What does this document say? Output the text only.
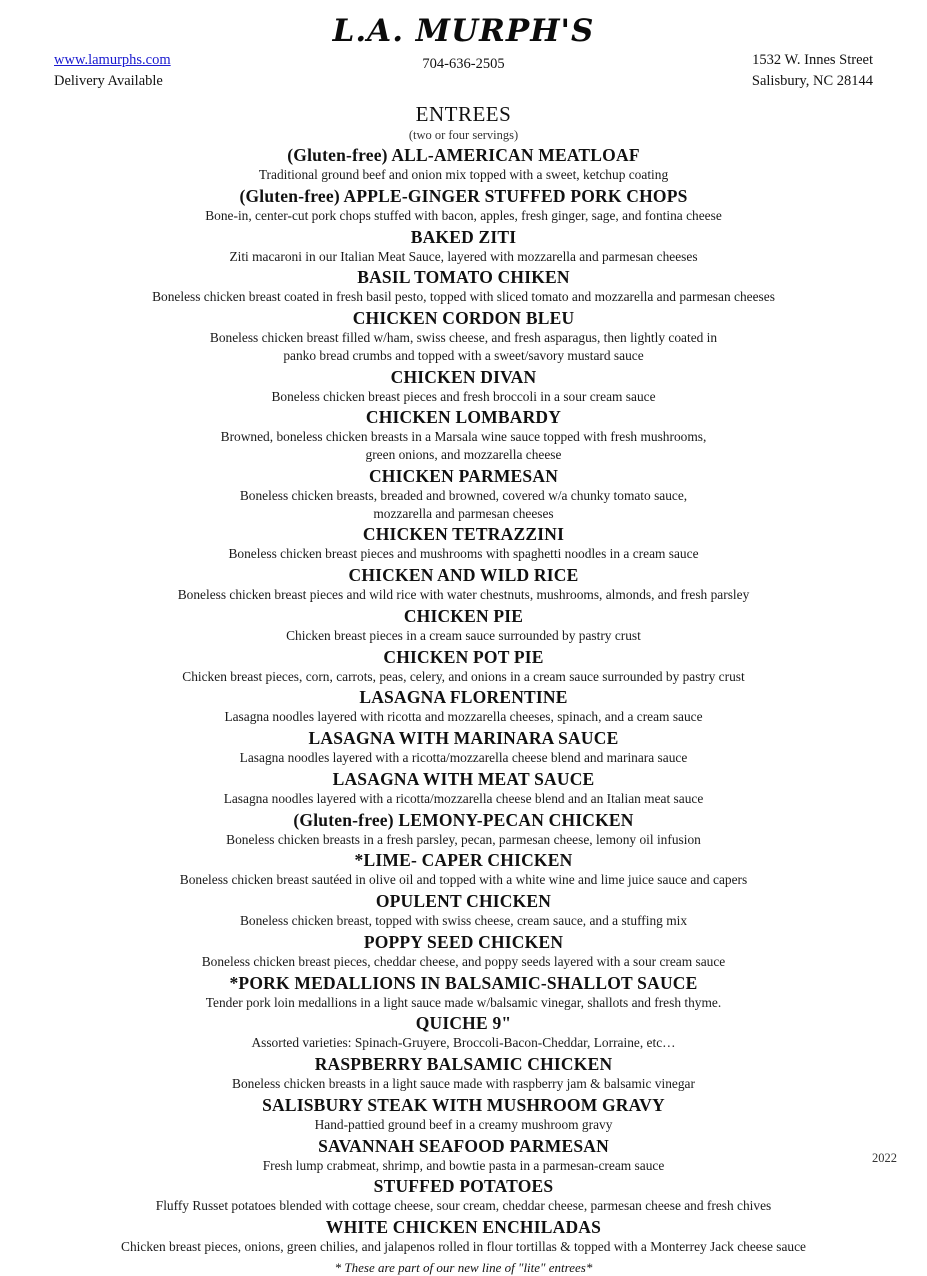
L.A. MURPH'S
www.lamurphs.com
Delivery Available
704-636-2505	1532 W. Innes Street
Salisbury, NC 28144
ENTREES
(two or four servings)
(Gluten-free) ALL-AMERICAN MEATLOAF
Traditional ground beef and onion mix topped with a sweet, ketchup coating
(Gluten-free) APPLE-GINGER STUFFED PORK CHOPS
Bone-in, center-cut pork chops stuffed with bacon, apples, fresh ginger, sage, and fontina cheese
BAKED ZITI
Ziti macaroni in our Italian Meat Sauce, layered with mozzarella and parmesan cheeses
BASIL TOMATO CHIKEN
Boneless chicken breast coated in fresh basil pesto, topped with sliced tomato and mozzarella and parmesan cheeses
CHICKEN CORDON BLEU
Boneless chicken breast filled w/ham, swiss cheese, and fresh asparagus, then lightly coated in
panko bread crumbs and topped with a sweet/savory mustard sauce
CHICKEN DIVAN
Boneless chicken breast pieces and fresh broccoli in a sour cream sauce
CHICKEN LOMBARDY
Browned, boneless chicken breasts in a Marsala wine sauce topped with fresh mushrooms,
green onions, and mozzarella cheese
CHICKEN PARMESAN
Boneless chicken breasts, breaded and browned, covered w/a chunky tomato sauce,
mozzarella and parmesan cheeses
CHICKEN TETRAZZINI
Boneless chicken breast pieces and mushrooms with spaghetti noodles in a cream sauce
CHICKEN AND WILD RICE
Boneless chicken breast pieces and wild rice with water chestnuts, mushrooms, almonds, and fresh parsley
CHICKEN PIE
Chicken breast pieces in a cream sauce surrounded by pastry crust
CHICKEN POT PIE
Chicken breast pieces, corn, carrots, peas, celery, and onions in a cream sauce surrounded by pastry crust
LASAGNA FLORENTINE
Lasagna noodles layered with ricotta and mozzarella cheeses, spinach, and a cream sauce
LASAGNA WITH MARINARA SAUCE
Lasagna noodles layered with a ricotta/mozzarella cheese blend and marinara sauce
LASAGNA WITH MEAT SAUCE
Lasagna noodles layered with a ricotta/mozzarella cheese blend and an Italian meat sauce
(Gluten-free) LEMONY-PECAN CHICKEN
Boneless chicken breasts in a fresh parsley, pecan, parmesan cheese, lemony oil infusion
*LIME- CAPER CHICKEN
Boneless chicken breast sautéed in olive oil and topped with a white wine and lime juice sauce and capers
OPULENT CHICKEN
Boneless chicken breast, topped with swiss cheese, cream sauce, and a stuffing mix
POPPY SEED CHICKEN
Boneless chicken breast pieces, cheddar cheese, and poppy seeds layered with a sour cream sauce
*PORK MEDALLIONS IN BALSAMIC-SHALLOT SAUCE
Tender pork loin medallions in a light sauce made w/balsamic vinegar, shallots and fresh thyme.
QUICHE 9"
Assorted varieties: Spinach-Gruyere, Broccoli-Bacon-Cheddar, Lorraine, etc…
RASPBERRY BALSAMIC CHICKEN
Boneless chicken breasts in a light sauce made with raspberry jam & balsamic vinegar
SALISBURY STEAK WITH MUSHROOM GRAVY
Hand-pattied ground beef in a creamy mushroom gravy
SAVANNAH SEAFOOD PARMESAN
Fresh lump crabmeat, shrimp, and bowtie pasta in a parmesan-cream sauce
STUFFED POTATOES
Fluffy Russet potatoes blended with cottage cheese, sour cream, cheddar cheese, parmesan cheese and fresh chives
WHITE CHICKEN ENCHILADAS
Chicken breast pieces, onions, green chilies, and jalapenos rolled in flour tortillas & topped with a Monterrey Jack cheese sauce
* These are part of our new line of "lite" entrees*
2022
